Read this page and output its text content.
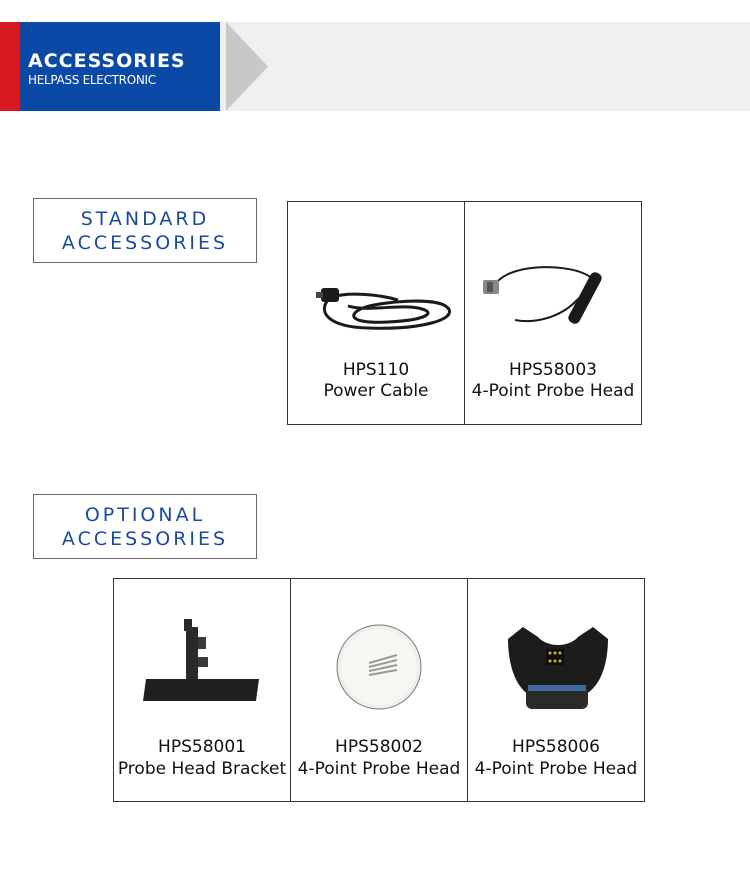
ACCESSORIES
HELPASS ELECTRONIC
STANDARD
ACCESSORIES
HPS110
Power Cable
HPS58003
4-Point Probe Head
OPTIONAL
ACCESSORIES
HPS58001
Probe Head Bracket
HPS58002
4-Point Probe Head
HPS58006
4-Point Probe Head
